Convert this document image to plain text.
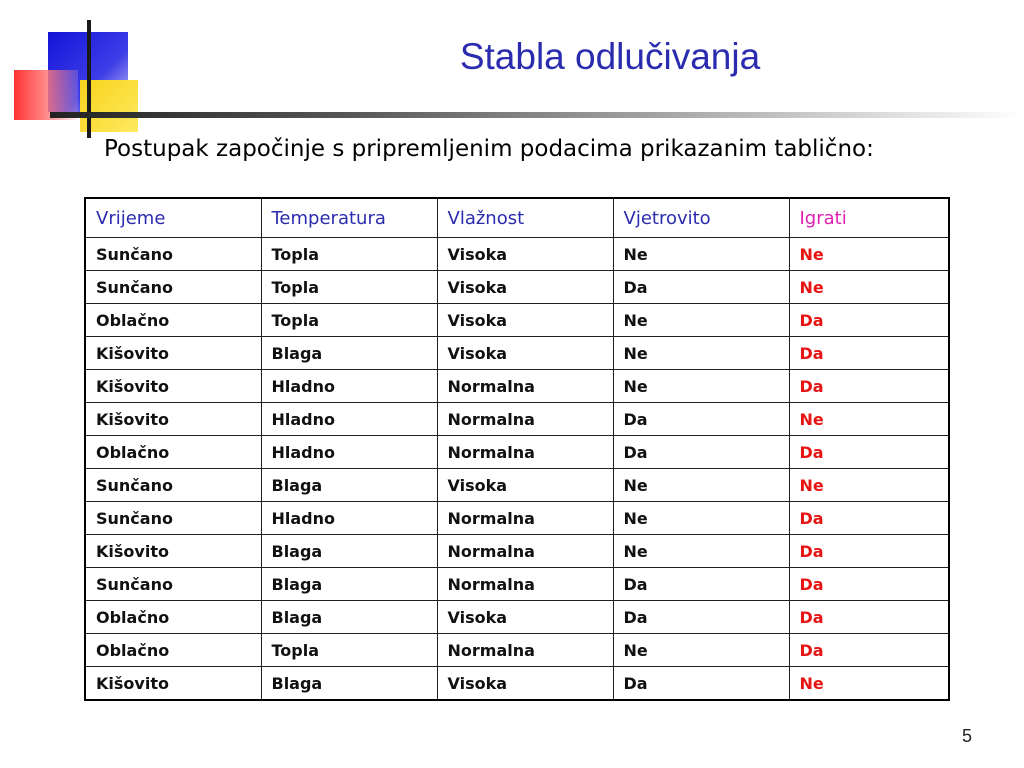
Stabla odlučivanja
Postupak započinje s pripremljenim podacima prikazanim tablično:
Vrijeme	Temperatura	Vlažnost	Vjetrovito	Igrati
Sunčano	Topla	Visoka	Ne	Ne
Sunčano	Topla	Visoka	Da	Ne
Oblačno	Topla	Visoka	Ne	Da
Kišovito	Blaga	Visoka	Ne	Da
Kišovito	Hladno	Normalna	Ne	Da
Kišovito	Hladno	Normalna	Da	Ne
Oblačno	Hladno	Normalna	Da	Da
Sunčano	Blaga	Visoka	Ne	Ne
Sunčano	Hladno	Normalna	Ne	Da
Kišovito	Blaga	Normalna	Ne	Da
Sunčano	Blaga	Normalna	Da	Da
Oblačno	Blaga	Visoka	Da	Da
Oblačno	Topla	Normalna	Ne	Da
Kišovito	Blaga	Visoka	Da	Ne
5
